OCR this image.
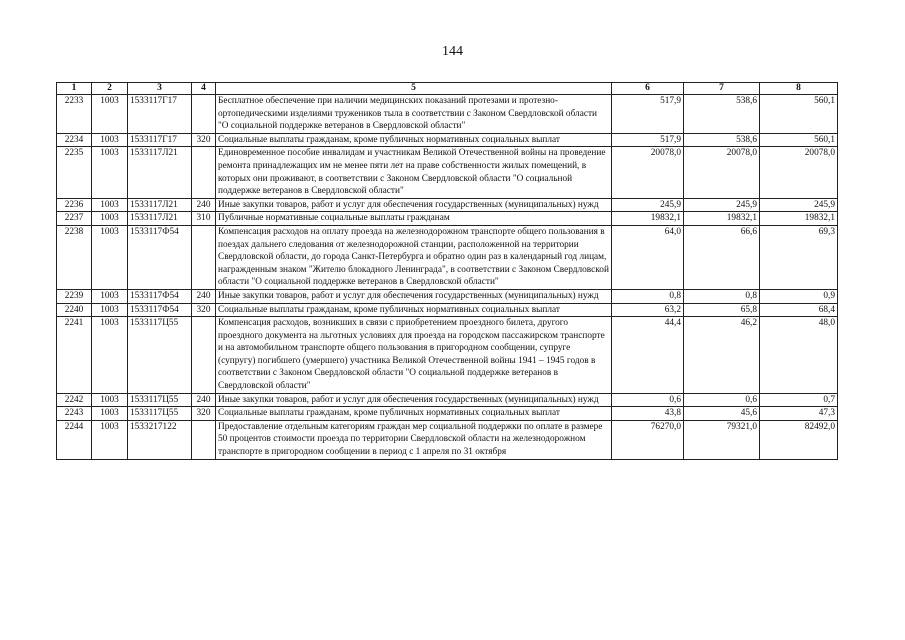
144
1	2	3	4	5	6	7	8
2233	1003	1533117Г17		Бесплатное обеспечение при наличии медицинских показаний протезами и протезно-ортопедическими изделиями тружеников тыла в соответствии с Законом Свердловской области "О социальной поддержке ветеранов в Свердловской области"	517,9	538,6	560,1
2234	1003	1533117Г17	320	Социальные выплаты гражданам, кроме публичных нормативных социальных выплат	517,9	538,6	560,1
2235	1003	1533117Л21		Единовременное пособие инвалидам и участникам Великой Отечественной войны на проведение ремонта принадлежащих им не менее пяти лет на праве собственности жилых помещений, в которых они проживают, в соответствии с Законом Свердловской области "О социальной поддержке ветеранов в Свердловской области"	20078,0	20078,0	20078,0
2236	1003	1533117Л21	240	Иные закупки товаров, работ и услуг для обеспечения государственных (муниципальных) нужд	245,9	245,9	245,9
2237	1003	1533117Л21	310	Публичные нормативные социальные выплаты гражданам	19832,1	19832,1	19832,1
2238	1003	1533117Ф54		Компенсация расходов на оплату проезда на железнодорожном транспорте общего пользования в поездах дальнего следования от железнодорожной станции, расположенной на территории Свердловской области, до города Санкт-Петербурга и обратно один раз в календарный год лицам, награжденным знаком "Жителю блокадного Ленинграда", в соответствии с Законом Свердловской области "О социальной поддержке ветеранов в Свердловской области"	64,0	66,6	69,3
2239	1003	1533117Ф54	240	Иные закупки товаров, работ и услуг для обеспечения государственных (муниципальных) нужд	0,8	0,8	0,9
2240	1003	1533117Ф54	320	Социальные выплаты гражданам, кроме публичных нормативных социальных выплат	63,2	65,8	68,4
2241	1003	1533117Ц55		Компенсация расходов, возникших в связи с приобретением проездного билета, другого проездного документа на льготных условиях для проезда на городском пассажирском транспорте и на автомобильном транспорте общего пользования в пригородном сообщении, супруге (супругу) погибшего (умершего) участника Великой Отечественной войны 1941 – 1945 годов в соответствии с Законом Свердловской области "О социальной поддержке ветеранов в Свердловской области"	44,4	46,2	48,0
2242	1003	1533117Ц55	240	Иные закупки товаров, работ и услуг для обеспечения государственных (муниципальных) нужд	0,6	0,6	0,7
2243	1003	1533117Ц55	320	Социальные выплаты гражданам, кроме публичных нормативных социальных выплат	43,8	45,6	47,3
2244	1003	1533217122		Предоставление отдельным категориям граждан мер социальной поддержки по оплате в размере 50 процентов стоимости проезда по территории Свердловской области на железнодорожном транспорте в пригородном сообщении в период с 1 апреля по 31 октября	76270,0	79321,0	82492,0
